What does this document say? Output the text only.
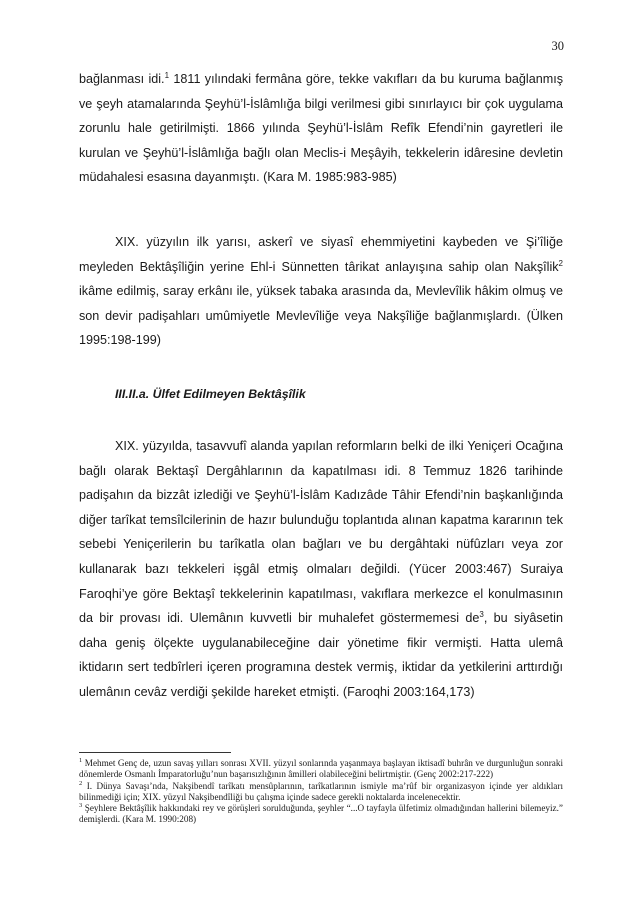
30

bağlanması idi.$^1$ 1811 yılındaki fermâna göre, tekke vakıfları da bu kuruma bağlanmış ve şeyh atamalarında Şeyhü’l-İslâmlığa bilgi verilmesi gibi sınırlayıcı bir çok uygulama zorunlu hale getirilmişti. 1866 yılında Şeyhü’l-İslâm Refîk Efendi’nin gayretleri ile kurulan ve Şeyhü’l-İslâmlığa bağlı olan Meclis-i Meşâyih, tekkelerin idâresine devletin müdahalesi esasına dayanmıştı. (Kara M. 1985:983-985)

XIX. yüzyılın ilk yarısı, askerî ve siyasî ehemmiyetini kaybeden ve Şi’îliğe meyleden Bektâşîliğin yerine Ehl-i Sünnetten târikat anlayışına sahip olan Nakşîlik$^2$ ikâme edilmiş, saray erkânı ile, yüksek tabaka arasında da, Mevlevîlik hâkim olmuş ve son devir padişahları umûmiyetle Mevlevîliğe veya Nakşîliğe bağlanmışlardı. (Ülken 1995:198-199)

III.II.a. Ülfet Edilmeyen Bektâşîlik

XIX. yüzyılda, tasavvufî alanda yapılan reformların belki de ilki Yeniçeri Ocağına bağlı olarak Bektaşî Dergâhlarının da kapatılması idi. 8 Temmuz 1826 tarihinde padişahın da bizzât izlediği ve Şeyhü’l-İslâm Kadızâde Tâhir Efendi’nin başkanlığında diğer tarîkat temsîlcilerinin de hazır bulunduğu toplantıda alınan kapatma kararının tek sebebi Yeniçerilerin bu tarîkatla olan bağları ve bu dergâhtaki nüfûzları veya zor kullanarak bazı tekkeleri işgâl etmiş olmaları değildi. (Yücer 2003:467) Suraiya Faroqhi’ye göre Bektaşî tekkelerinin kapatılması, vakıflara merkezce el konulmasının da bir provası idi. Ulemânın kuvvetli bir muhalefet göstermemesi $de^3$, bu siyâsetin daha geniş ölçekte uygulanabileceğine dair yönetime fikir vermişti. Hatta ulemâ iktidarın sert tedbîrleri içeren programına destek vermiş, iktidar da yetkilerini arttırdığı ulemânın cevâz verdiği şekilde hareket etmişti. (Faroqhi 2003:164,173)

$^1$ Mehmet Genç de, uzun savaş yılları sonrası XVII. yüzyıl sonlarında yaşanmaya başlayan iktisadî buhrân ve durgunluğun sonraki dönemlerde Osmanlı İmparatorluğu’nun başarısızlığının âmilleri olabileceğini belirtmiştir. (Genç 2002:217-222)

$^2$ I. Dünya Savaşı’nda, Nakşibendî tarîkatı mensûplarının, tarîkatlarının ismiyle ma’rûf bir organizasyon içinde yer aldıkları bilinmediği için; XIX. yüzyıl Nakşibendîliği bu çalışma içinde sadece gerekli noktalarda incelenecektir.

$^3$ Şeyhlere Bektâşîlik hakkındaki rey ve görüşleri sorulduğunda, şeyhler “...O tayfayla ülfetimiz olmadığından hallerini bilemeyiz.” demişlerdi. (Kara M. 1990:208)
